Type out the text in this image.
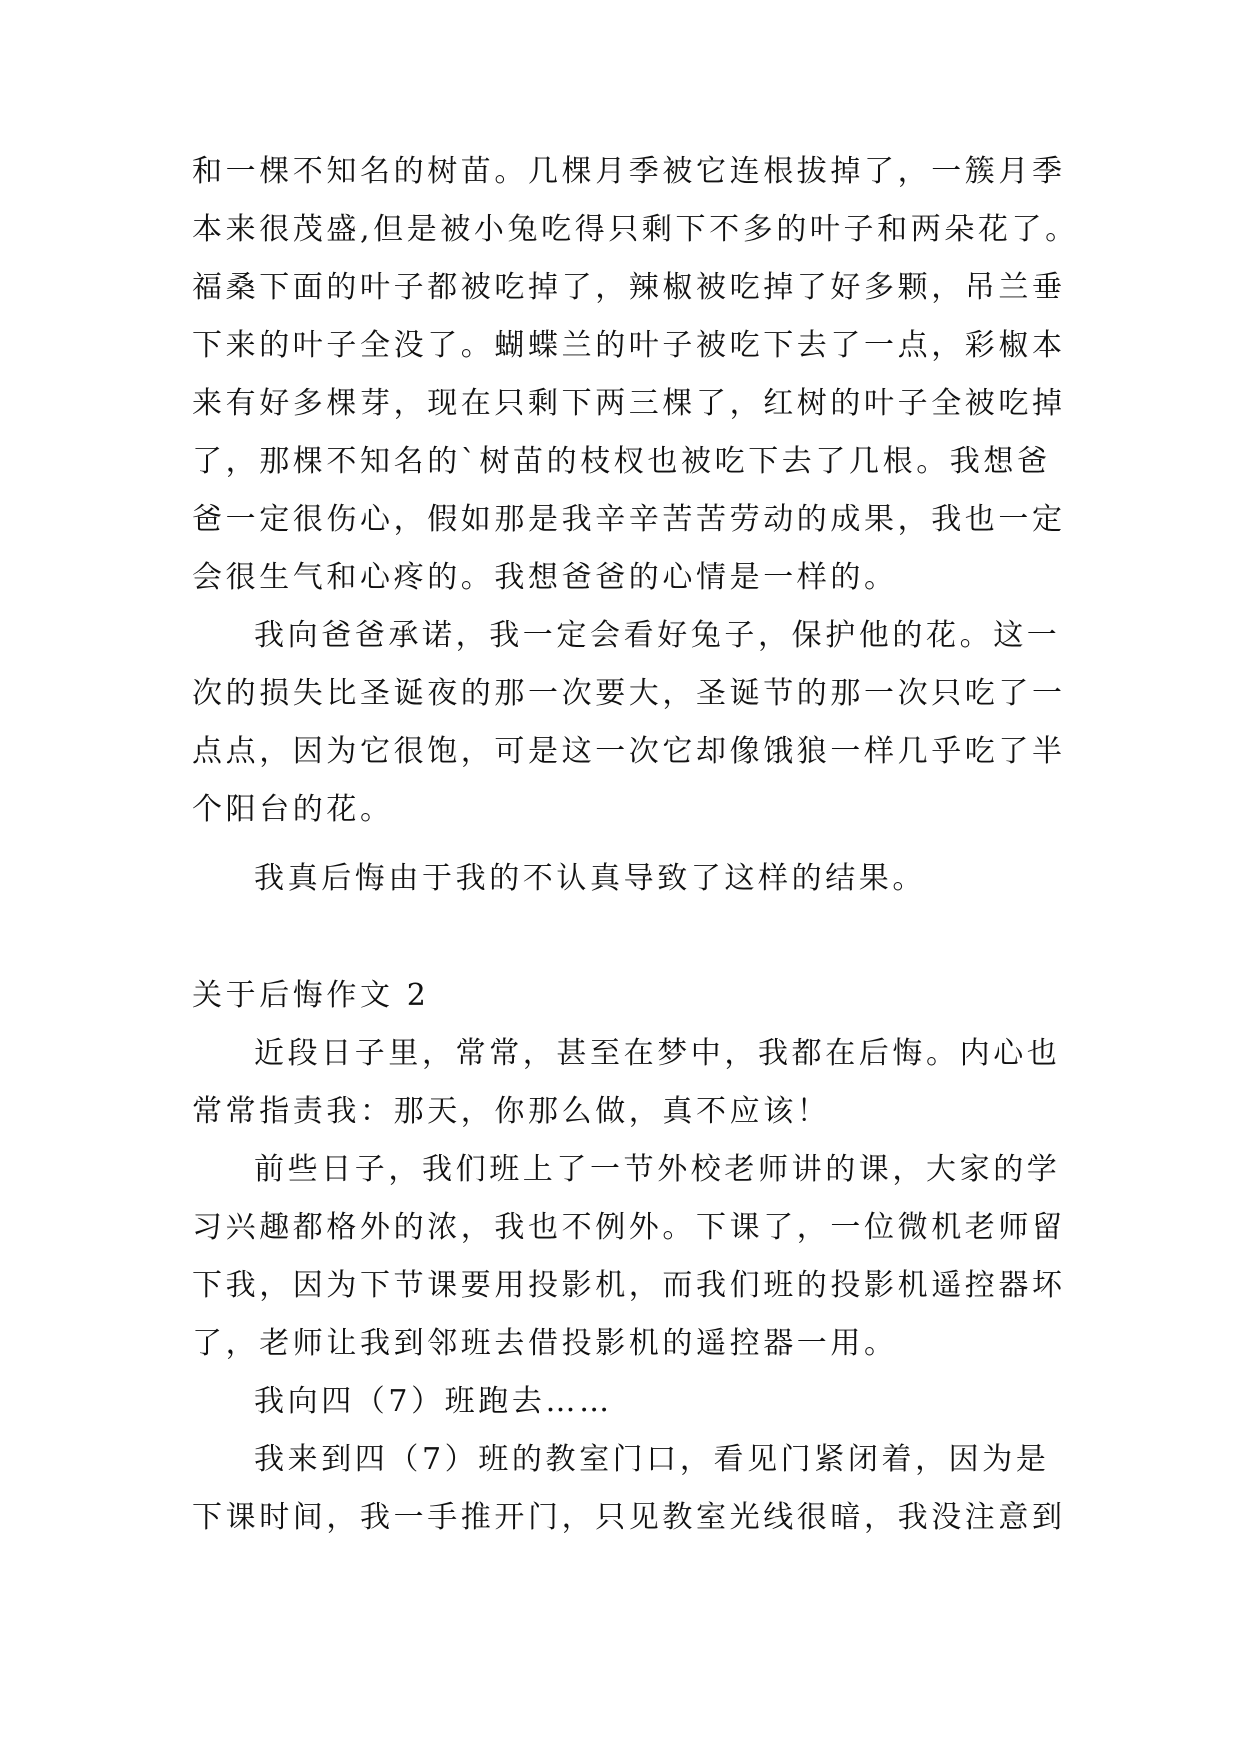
和一棵不知名的树苗。几棵月季被它连根拔掉了，一簇月季
本来很茂盛,但是被小兔吃得只剩下不多的叶子和两朵花了。
福桑下面的叶子都被吃掉了，辣椒被吃掉了好多颗，吊兰垂
下来的叶子全没了。蝴蝶兰的叶子被吃下去了一点，彩椒本
来有好多棵芽，现在只剩下两三棵了，红树的叶子全被吃掉
了，那棵不知名的`树苗的枝杈也被吃下去了几根。我想爸
爸一定很伤心，假如那是我辛辛苦苦劳动的成果，我也一定
会很生气和心疼的。我想爸爸的心情是一样的。
我向爸爸承诺，我一定会看好兔子，保护他的花。这一
次的损失比圣诞夜的那一次要大，圣诞节的那一次只吃了一
点点，因为它很饱，可是这一次它却像饿狼一样几乎吃了半
个阳台的花。
我真后悔由于我的不认真导致了这样的结果。
关于后悔作文 2
近段日子里，常常，甚至在梦中，我都在后悔。内心也
常常指责我：那天，你那么做，真不应该！
前些日子，我们班上了一节外校老师讲的课，大家的学
习兴趣都格外的浓，我也不例外。下课了，一位微机老师留
下我，因为下节课要用投影机，而我们班的投影机遥控器坏
了，老师让我到邻班去借投影机的遥控器一用。
我向四（7）班跑去……
我来到四（7）班的教室门口，看见门紧闭着，因为是
下课时间，我一手推开门，只见教室光线很暗，我没注意到
